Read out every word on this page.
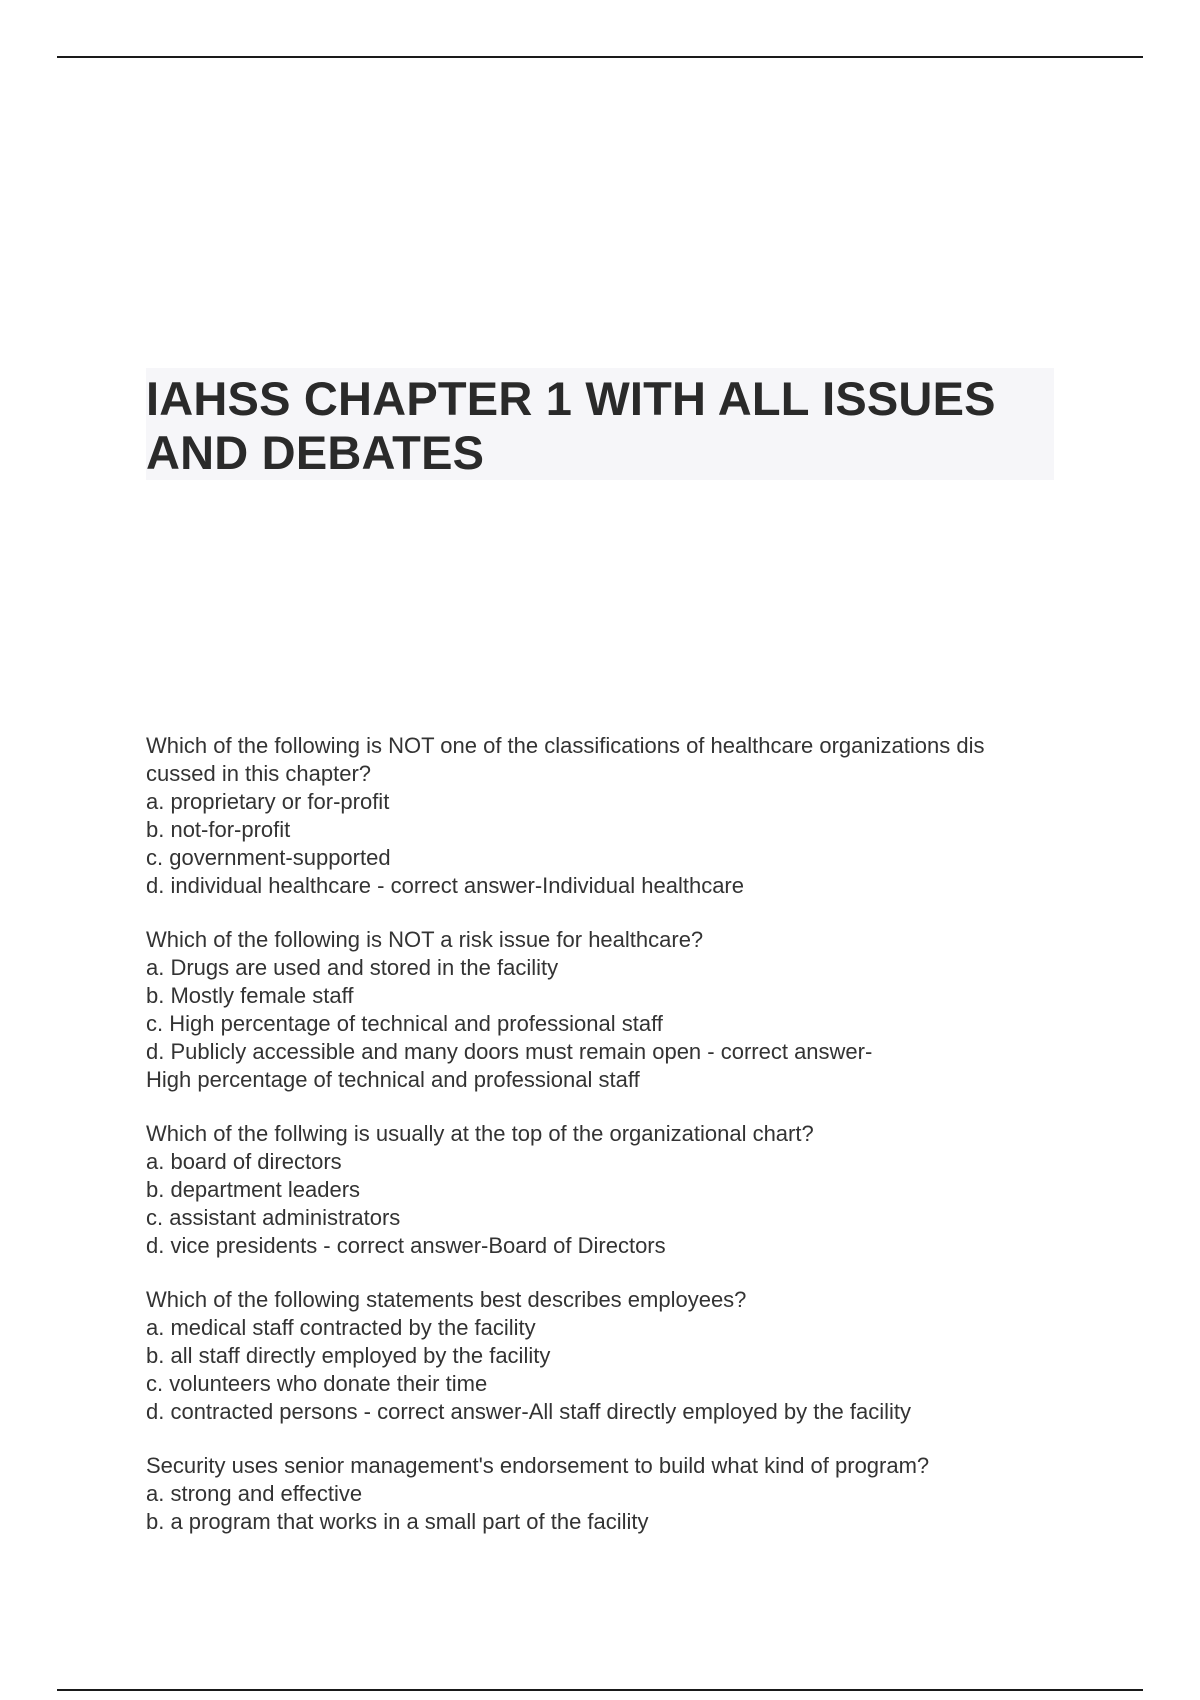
IAHSS CHAPTER 1 WITH ALL ISSUES
AND DEBATES
Which of the following is NOT one of the classifications of healthcare organizations dis
cussed in this chapter?
a. proprietary or for-profit
b. not-for-profit
c. government-supported
d. individual healthcare - correct answer-Individual healthcare
Which of the following is NOT a risk issue for healthcare?
a. Drugs are used and stored in the facility
b. Mostly female staff
c. High percentage of technical and professional staff
d. Publicly accessible and many doors must remain open - correct answer-
High percentage of technical and professional staff
Which of the follwing is usually at the top of the organizational chart?
a. board of directors
b. department leaders
c. assistant administrators
d. vice presidents - correct answer-Board of Directors
Which of the following statements best describes employees?
a. medical staff contracted by the facility
b. all staff directly employed by the facility
c. volunteers who donate their time
d. contracted persons - correct answer-All staff directly employed by the facility
Security uses senior management's endorsement to build what kind of program?
a. strong and effective
b. a program that works in a small part of the facility
